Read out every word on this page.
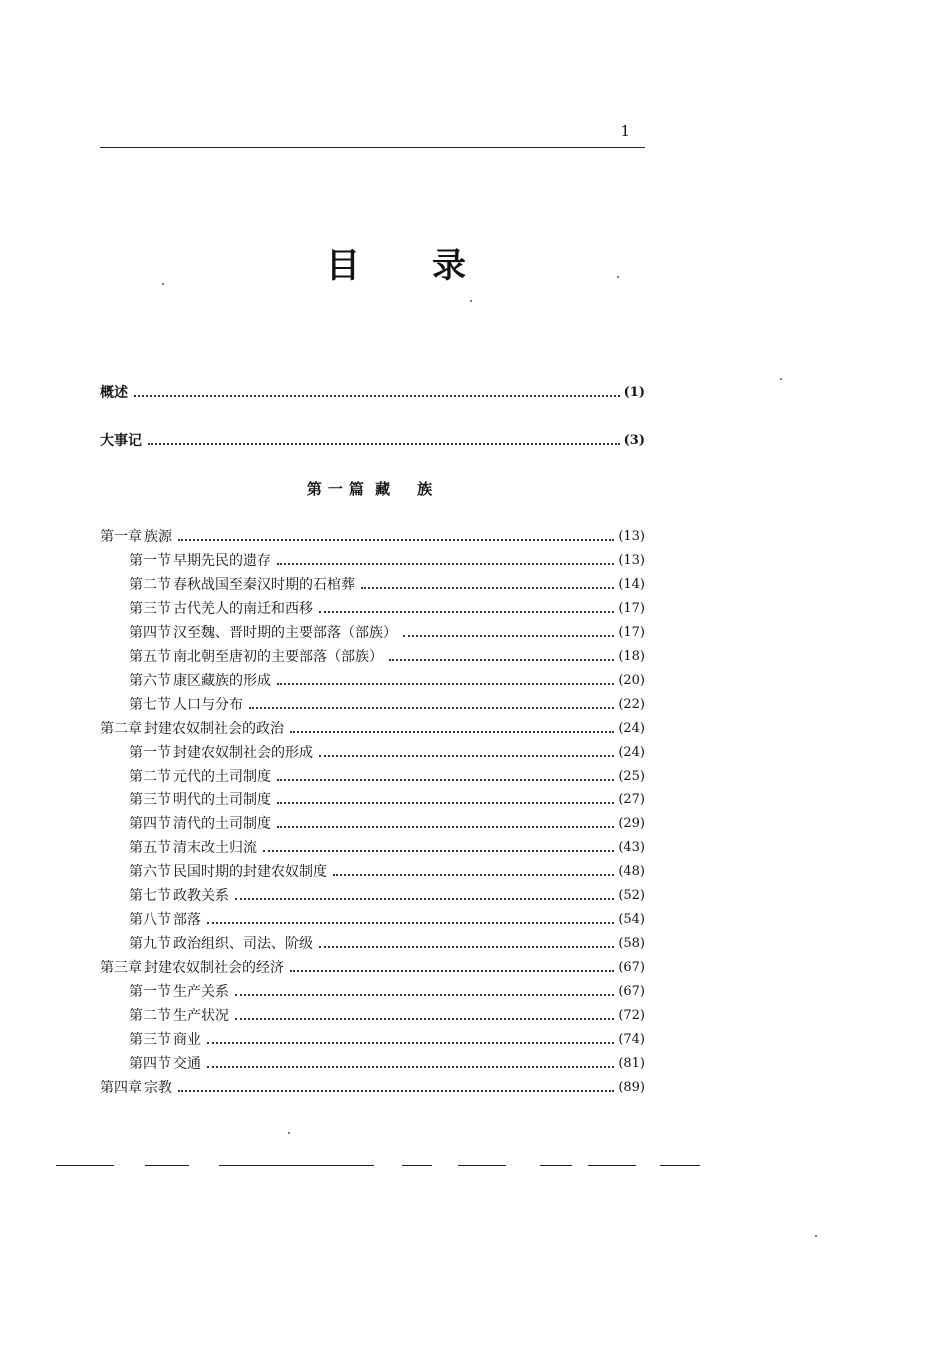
1
目 录
概述	(1)
大事记	(3)
第一篇 藏　族
第一章 族源	(13)
第一节 早期先民的遗存	(13)
第二节 春秋战国至秦汉时期的石棺葬	(14)
第三节 古代羌人的南迁和西移	(17)
第四节 汉至魏、晋时期的主要部落（部族）	(17)
第五节 南北朝至唐初的主要部落（部族）	(18)
第六节 康区藏族的形成	(20)
第七节 人口与分布	(22)
第二章 封建农奴制社会的政治	(24)
第一节 封建农奴制社会的形成	(24)
第二节 元代的土司制度	(25)
第三节 明代的土司制度	(27)
第四节 清代的土司制度	(29)
第五节 清末改土归流	(43)
第六节 民国时期的封建农奴制度	(48)
第七节 政教关系	(52)
第八节 部落	(54)
第九节 政治组织、司法、阶级	(58)
第三章 封建农奴制社会的经济	(67)
第一节 生产关系	(67)
第二节 生产状况	(72)
第三节 商业	(74)
第四节 交通	(81)
第四章 宗教	(89)
